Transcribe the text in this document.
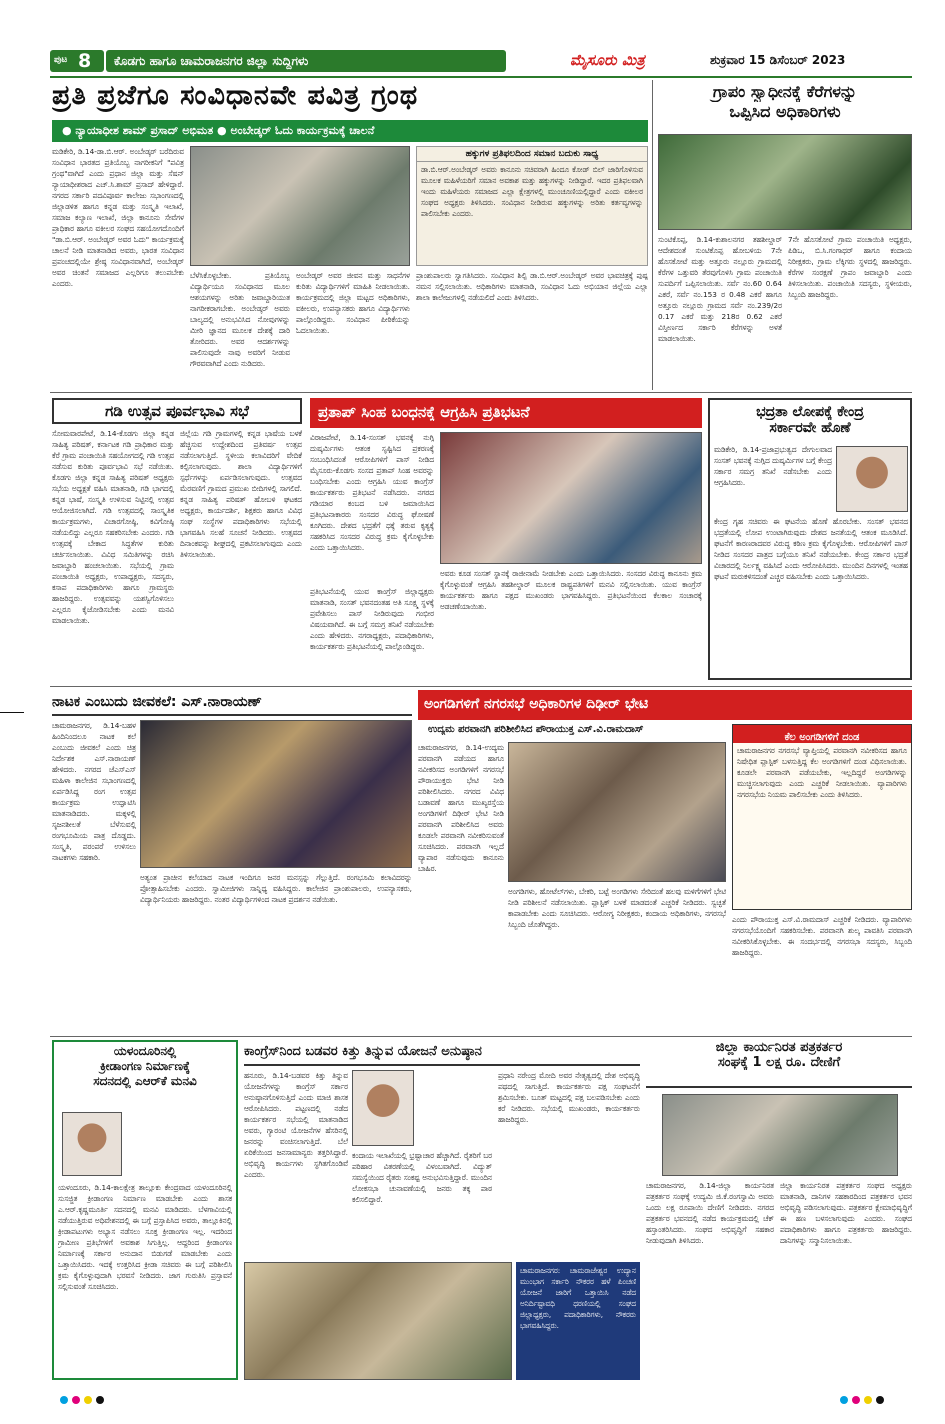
ಪುಟ 8 ಕೊಡಗು ಹಾಗೂ ಚಾಮರಾಜನಗರ ಜಿಲ್ಲಾ ಸುದ್ದಿಗಳು	ಮೈಸೂರು ಮಿತ್ರ	ಶುಕ್ರವಾರ 15 ಡಿಸೆಂಬರ್ 2023
ಪ್ರತಿ ಪ್ರಜೆಗೂ ಸಂವಿಧಾನವೇ ಪವಿತ್ರ ಗ್ರಂಥ
● ನ್ಯಾಯಾಧೀಶ ಶಾಮ್ ಪ್ರಸಾದ್ ಅಭಿಮತ ● ಅಂಬೇಡ್ಕರ್ ಓದು ಕಾರ್ಯಕ್ರಮಕ್ಕೆ ಚಾಲನೆ
ಮಡಿಕೇರಿ, ಡಿ.14-ಡಾ.ಬಿ.ಆರ್. ಅಂಬೇಡ್ಕರ್ ಬರೆದಿರುವ ಸಂವಿಧಾನ ಭಾರತದ ಪ್ರತಿಯೊಬ್ಬ ನಾಗರೀಕನಿಗೆ "ಪವಿತ್ರ ಗ್ರಂಥ"ವಾಗಿದೆ ಎಂದು ಪ್ರಧಾನ ಜಿಲ್ಲಾ ಮತ್ತು ಸೆಷನ್ ನ್ಯಾಯಾಧೀಶರಾದ ಎಚ್.ಸಿ.ಶಾಮ್ ಪ್ರಸಾದ್ ಹೇಳಿದ್ದಾರೆ. ನಗರದ ಸರ್ಕಾರಿ ಪದವಿಪೂರ್ವ ಕಾಲೇಜು ಸಭಾಂಗಣದಲ್ಲಿ ಜಿಲ್ಲಾಡಳಿತ ಹಾಗೂ ಕನ್ನಡ ಮತ್ತು ಸಂಸ್ಕೃತಿ ಇಲಾಖೆ, ಸಮಾಜ ಕಲ್ಯಾಣ ಇಲಾಖೆ, ಜಿಲ್ಲಾ ಕಾನೂನು ಸೇವೆಗಳ ಪ್ರಾಧಿಕಾರ ಹಾಗೂ ವಕೀಲರ ಸಂಘದ ಸಹಯೋಗದೊಂದಿಗೆ "ಡಾ.ಬಿ.ಆರ್. ಅಂಬೇಡ್ಕರ್ ಅವರ ಓದು" ಕಾರ್ಯಕ್ರಮಕ್ಕೆ ಚಾಲನೆ ನೀಡಿ ಮಾತನಾಡಿದ ಅವರು, ಭಾರತ ಸಂವಿಧಾನ ಪ್ರಪಂಚದಲ್ಲಿಯೇ ಶ್ರೇಷ್ಠ ಸಂವಿಧಾನವಾಗಿದೆ, ಅಂಬೇಡ್ಕರ್ ಅವರ ಚಿಂತನೆ ಸಮಾಜದ ಎಲ್ಲರಿಗೂ ತಲುಪಬೇಕು ಎಂದರು.
ಹಕ್ಕುಗಳ ಪ್ರತಿಫಲದಿಂದ ಸಮಾನ ಬದುಕು ಸಾಧ್ಯ
ಡಾ.ಬಿ.ಆರ್.ಅಂಬೇಡ್ಕರ್ ಅವರು ಕಾನೂನು ಸಚಿವರಾಗಿ ಹಿಂದೂ ಕೋಡ್ ಬಿಲ್ ಜಾರಿಗೊಳಿಸುವ ಮೂಲಕ ಮಹಿಳೆಯರಿಗೆ ಸಮಾನ ಅವಕಾಶ ಮತ್ತು ಹಕ್ಕುಗಳನ್ನು ನೀಡಿದ್ದಾರೆ. ಇದರ ಪ್ರತಿಫಲವಾಗಿ ಇಂದು ಮಹಿಳೆಯರು ಸಮಾಜದ ಎಲ್ಲಾ ಕ್ಷೇತ್ರಗಳಲ್ಲಿ ಮುಂಚೂಣಿಯಲ್ಲಿದ್ದಾರೆ ಎಂದು ವಕೀಲರ ಸಂಘದ ಅಧ್ಯಕ್ಷರು ತಿಳಿಸಿದರು. ಸಂವಿಧಾನ ನೀಡಿರುವ ಹಕ್ಕುಗಳನ್ನು ಅರಿತು ಕರ್ತವ್ಯಗಳನ್ನು ಪಾಲಿಸಬೇಕು ಎಂದರು.
ಬೆಳೆಸಿಕೊಳ್ಳಬೇಕು. ಪ್ರತಿಯೊಬ್ಬ ವಿದ್ಯಾರ್ಥಿಯೂ ಸಂವಿಧಾನದ ಮೂಲ ಆಶಯಗಳನ್ನು ಅರಿತು ಜವಾಬ್ದಾರಿಯುತ ನಾಗರೀಕರಾಗಬೇಕು. ಅಂಬೇಡ್ಕರ್ ಅವರು ಬಾಲ್ಯದಲ್ಲಿ ಅನುಭವಿಸಿದ ನೋವುಗಳನ್ನು ಮೀರಿ ಜ್ಞಾನದ ಮೂಲಕ ದೇಶಕ್ಕೆ ದಾರಿ ತೋರಿದರು. ಅವರ ಆದರ್ಶಗಳನ್ನು ಪಾಲಿಸುವುದೇ ನಾವು ಅವರಿಗೆ ನೀಡುವ ಗೌರವವಾಗಿದೆ ಎಂದು ನುಡಿದರು.
ಅಂಬೇಡ್ಕರ್ ಅವರ ಜೀವನ ಮತ್ತು ಸಾಧನೆಗಳ ಕುರಿತು ವಿದ್ಯಾರ್ಥಿಗಳಿಗೆ ಮಾಹಿತಿ ನೀಡಲಾಯಿತು. ಕಾರ್ಯಕ್ರಮದಲ್ಲಿ ಜಿಲ್ಲಾ ಮಟ್ಟದ ಅಧಿಕಾರಿಗಳು, ವಕೀಲರು, ಉಪನ್ಯಾಸಕರು ಹಾಗೂ ವಿದ್ಯಾರ್ಥಿಗಳು ಪಾಲ್ಗೊಂಡಿದ್ದರು. ಸಂವಿಧಾನ ಪೀಠಿಕೆಯನ್ನು ಓದಲಾಯಿತು.
ಪ್ರಾಂಶುಪಾಲರು ಸ್ವಾಗತಿಸಿದರು. ಸಂವಿಧಾನ ಶಿಲ್ಪಿ ಡಾ.ಬಿ.ಆರ್.ಅಂಬೇಡ್ಕರ್ ಅವರ ಭಾವಚಿತ್ರಕ್ಕೆ ಪುಷ್ಪ ನಮನ ಸಲ್ಲಿಸಲಾಯಿತು. ಅಧಿಕಾರಿಗಳು ಮಾತನಾಡಿ, ಸಂವಿಧಾನ ಓದು ಅಭಿಯಾನ ಜಿಲ್ಲೆಯ ಎಲ್ಲಾ ಶಾಲಾ ಕಾಲೇಜುಗಳಲ್ಲಿ ನಡೆಯಲಿದೆ ಎಂದು ತಿಳಿಸಿದರು.
ಗ್ರಾಪಂ ಸ್ವಾಧೀನಕ್ಕೆ ಕೆರೆಗಳನ್ನು
ಒಪ್ಪಿಸಿದ ಅಧಿಕಾರಿಗಳು
ಸುಂಟಿಕೊಪ್ಪ, ಡಿ.14-ಕುಶಾಲನಗರ ತಹಶೀಲ್ದಾರ್ ಆದೇಶದಂತೆ ಸುಂಟಿಕೊಪ್ಪ ಹೋಬಳಿಯ 7ನೇ ಹೊಸಕೋಟೆ ಮತ್ತು ಅತ್ತೂರು ನಲ್ಲೂರು ಗ್ರಾಮದಲ್ಲಿ ಕೆರೆಗಳ ಒತ್ತುವರಿ ತೆರವುಗೊಳಿಸಿ ಗ್ರಾಮ ಪಂಚಾಯಿತಿ ಸುಪರ್ದಿಗೆ ಒಪ್ಪಿಸಲಾಯಿತು. ಸರ್ವೆ ನಂ.60 0.64 ಎಕರೆ, ಸರ್ವೆ ನಂ.153 ರ 0.48 ಎಕರೆ ಹಾಗೂ ಅತ್ತೂರು ನಲ್ಲೂರು ಗ್ರಾಮದ ಸರ್ವೆ ನಂ.239/2ರ 0.17 ಎಕರೆ ಮತ್ತು 218ರ 0.62 ಎಕರೆ ವಿಸ್ತೀರ್ಣದ ಸರ್ಕಾರಿ ಕೆರೆಗಳನ್ನು ಅಳತೆ ಮಾಡಲಾಯಿತು.
7ನೇ ಹೊಸಕೋಟೆ ಗ್ರಾಮ ಪಂಚಾಯಿತಿ ಅಧ್ಯಕ್ಷರು, ಪಿಡಿಒ, ಬಿ.ಸಿ.ಗಂಗಾಧರ್ ಹಾಗೂ ಕಂದಾಯ ನಿರೀಕ್ಷಕರು, ಗ್ರಾಮ ಲೆಕ್ಕಿಗರು ಸ್ಥಳದಲ್ಲಿ ಹಾಜರಿದ್ದರು. ಕೆರೆಗಳ ಸಂರಕ್ಷಣೆ ಗ್ರಾಪಂ ಜವಾಬ್ದಾರಿ ಎಂದು ತಿಳಿಸಲಾಯಿತು. ಪಂಚಾಯಿತಿ ಸದಸ್ಯರು, ಸ್ಥಳೀಯರು, ಸಿಬ್ಬಂದಿ ಹಾಜರಿದ್ದರು.
ಗಡಿ ಉತ್ಸವ ಪೂರ್ವಭಾವಿ ಸಭೆ
ಸೋಮವಾರಪೇಟೆ, ಡಿ.14-ಕೊಡಗು ಜಿಲ್ಲಾ ಕನ್ನಡ ಸಾಹಿತ್ಯ ಪರಿಷತ್, ಕರ್ನಾಟಕ ಗಡಿ ಪ್ರಾಧಿಕಾರ ಮತ್ತು ಕೆರೆ ಗ್ರಾಮ ಪಂಚಾಯಿತಿ ಸಹಯೋಗದಲ್ಲಿ ಗಡಿ ಉತ್ಸವ ನಡೆಸುವ ಕುರಿತು ಪೂರ್ವಭಾವಿ ಸಭೆ ನಡೆಯಿತು. ಕೊಡಗು ಜಿಲ್ಲಾ ಕನ್ನಡ ಸಾಹಿತ್ಯ ಪರಿಷತ್ ಅಧ್ಯಕ್ಷರು ಸಭೆಯ ಅಧ್ಯಕ್ಷತೆ ವಹಿಸಿ ಮಾತನಾಡಿ, ಗಡಿ ಭಾಗದಲ್ಲಿ ಕನ್ನಡ ಭಾಷೆ, ಸಂಸ್ಕೃತಿ ಉಳಿಸುವ ನಿಟ್ಟಿನಲ್ಲಿ ಉತ್ಸವ ಆಯೋಜಿಸಲಾಗಿದೆ. ಗಡಿ ಉತ್ಸವದಲ್ಲಿ ಸಾಂಸ್ಕೃತಿಕ ಕಾರ್ಯಕ್ರಮಗಳು, ವಿಚಾರಗೋಷ್ಠಿ, ಕವಿಗೋಷ್ಠಿ ನಡೆಯಲಿದ್ದು ಎಲ್ಲರೂ ಸಹಕರಿಸಬೇಕು ಎಂದರು. ಗಡಿ ಉತ್ಸವಕ್ಕೆ ಬೇಕಾದ ಸಿದ್ಧತೆಗಳ ಕುರಿತು ಚರ್ಚಿಸಲಾಯಿತು. ವಿವಿಧ ಸಮಿತಿಗಳನ್ನು ರಚಿಸಿ ಜವಾಬ್ದಾರಿ ಹಂಚಲಾಯಿತು. ಸಭೆಯಲ್ಲಿ ಗ್ರಾಮ ಪಂಚಾಯಿತಿ ಅಧ್ಯಕ್ಷರು, ಉಪಾಧ್ಯಕ್ಷರು, ಸದಸ್ಯರು, ಕಸಾಪ ಪದಾಧಿಕಾರಿಗಳು ಹಾಗೂ ಗ್ರಾಮಸ್ಥರು ಹಾಜರಿದ್ದರು. ಉತ್ಸವವನ್ನು ಯಶಸ್ವಿಗೊಳಿಸಲು ಎಲ್ಲರೂ ಕೈಜೋಡಿಸಬೇಕು ಎಂದು ಮನವಿ ಮಾಡಲಾಯಿತು.
ಜಿಲ್ಲೆಯ ಗಡಿ ಗ್ರಾಮಗಳಲ್ಲಿ ಕನ್ನಡ ಭಾಷೆಯ ಬಳಕೆ ಹೆಚ್ಚಿಸುವ ಉದ್ದೇಶದಿಂದ ಪ್ರತಿವರ್ಷ ಉತ್ಸವ ನಡೆಸಲಾಗುತ್ತಿದೆ. ಸ್ಥಳೀಯ ಕಲಾವಿದರಿಗೆ ವೇದಿಕೆ ಕಲ್ಪಿಸಲಾಗುವುದು. ಶಾಲಾ ವಿದ್ಯಾರ್ಥಿಗಳಿಗೆ ಸ್ಪರ್ಧೆಗಳನ್ನು ಏರ್ಪಡಿಸಲಾಗುವುದು. ಉತ್ಸವದ ಮೆರವಣಿಗೆ ಗ್ರಾಮದ ಪ್ರಮುಖ ಬೀದಿಗಳಲ್ಲಿ ಸಾಗಲಿದೆ. ಕನ್ನಡ ಸಾಹಿತ್ಯ ಪರಿಷತ್ ಹೋಬಳಿ ಘಟಕದ ಅಧ್ಯಕ್ಷರು, ಕಾರ್ಯದರ್ಶಿ, ಶಿಕ್ಷಕರು ಹಾಗೂ ವಿವಿಧ ಸಂಘ ಸಂಸ್ಥೆಗಳ ಪದಾಧಿಕಾರಿಗಳು ಸಭೆಯಲ್ಲಿ ಭಾಗವಹಿಸಿ ಸಲಹೆ ಸೂಚನೆ ನೀಡಿದರು. ಉತ್ಸವದ ದಿನಾಂಕವನ್ನು ಶೀಘ್ರದಲ್ಲಿ ಪ್ರಕಟಿಸಲಾಗುವುದು ಎಂದು ತಿಳಿಸಲಾಯಿತು.
ಪ್ರತಾಪ್ ಸಿಂಹ ಬಂಧನಕ್ಕೆ ಆಗ್ರಹಿಸಿ ಪ್ರತಿಭಟನೆ
ವಿರಾಜಪೇಟೆ, ಡಿ.14-ಸಂಸತ್ ಭವನಕ್ಕೆ ನುಗ್ಗಿ ದುಷ್ಕರ್ಮಿಗಳು ಆತಂಕ ಸೃಷ್ಟಿಸಿದ ಪ್ರಕರಣಕ್ಕೆ ಸಂಬಂಧಿಸಿದಂತೆ ಆರೋಪಿಗಳಿಗೆ ಪಾಸ್ ನೀಡಿದ ಮೈಸೂರು-ಕೊಡಗು ಸಂಸದ ಪ್ರತಾಪ್ ಸಿಂಹ ಅವರನ್ನು ಬಂಧಿಸಬೇಕು ಎಂದು ಆಗ್ರಹಿಸಿ ಯುವ ಕಾಂಗ್ರೆಸ್ ಕಾರ್ಯಕರ್ತರು ಪ್ರತಿಭಟನೆ ನಡೆಸಿದರು. ನಗರದ ಗಡಿಯಾರ ಕಂಬದ ಬಳಿ ಜಮಾಯಿಸಿದ ಪ್ರತಿಭಟನಾಕಾರರು ಸಂಸದರ ವಿರುದ್ಧ ಘೋಷಣೆ ಕೂಗಿದರು. ದೇಶದ ಭದ್ರತೆಗೆ ಧಕ್ಕೆ ತರುವ ಕೃತ್ಯಕ್ಕೆ ಸಹಕರಿಸಿದ ಸಂಸದರ ವಿರುದ್ಧ ಕ್ರಮ ಕೈಗೊಳ್ಳಬೇಕು ಎಂದು ಒತ್ತಾಯಿಸಿದರು.
ಪ್ರತಿಭಟನೆಯಲ್ಲಿ ಯುವ ಕಾಂಗ್ರೆಸ್ ಜಿಲ್ಲಾಧ್ಯಕ್ಷರು ಮಾತನಾಡಿ, ಸಂಸತ್ ಭವನದಂತಹ ಅತಿ ಸೂಕ್ಷ್ಮ ಸ್ಥಳಕ್ಕೆ ಪ್ರವೇಶಿಸಲು ಪಾಸ್ ನೀಡಿರುವುದು ಗಂಭೀರ ವಿಷಯವಾಗಿದೆ. ಈ ಬಗ್ಗೆ ಸಮಗ್ರ ತನಿಖೆ ನಡೆಯಬೇಕು ಎಂದು ಹೇಳಿದರು. ನಗರಾಧ್ಯಕ್ಷರು, ಪದಾಧಿಕಾರಿಗಳು, ಕಾರ್ಯಕರ್ತರು ಪ್ರತಿಭಟನೆಯಲ್ಲಿ ಪಾಲ್ಗೊಂಡಿದ್ದರು.
ಅವರು ಕೂಡ ಸಂಸತ್ ಸ್ಥಾನಕ್ಕೆ ರಾಜೀನಾಮೆ ನೀಡಬೇಕು ಎಂದು ಒತ್ತಾಯಿಸಿದರು. ಸಂಸದರ ವಿರುದ್ಧ ಕಾನೂನು ಕ್ರಮ ಕೈಗೊಳ್ಳುವಂತೆ ಆಗ್ರಹಿಸಿ ತಹಶೀಲ್ದಾರ್ ಮೂಲಕ ರಾಷ್ಟ್ರಪತಿಗಳಿಗೆ ಮನವಿ ಸಲ್ಲಿಸಲಾಯಿತು. ಯುವ ಕಾಂಗ್ರೆಸ್ ಕಾರ್ಯಕರ್ತರು ಹಾಗೂ ಪಕ್ಷದ ಮುಖಂಡರು ಭಾಗವಹಿಸಿದ್ದರು. ಪ್ರತಿಭಟನೆಯಿಂದ ಕೆಲಕಾಲ ಸಂಚಾರಕ್ಕೆ ಅಡಚಣೆಯಾಯಿತು.
ಭದ್ರತಾ ಲೋಪಕ್ಕೆ ಕೇಂದ್ರ
ಸರ್ಕಾರವೇ ಹೊಣೆ
ಮಡಿಕೇರಿ, ಡಿ.14-ಪ್ರಜಾಪ್ರಭುತ್ವದ ದೇಗುಲವಾದ ಸಂಸತ್ ಭವನಕ್ಕೆ ನುಗ್ಗಿದ ದುಷ್ಕರ್ಮಿಗಳ ಬಗ್ಗೆ ಕೇಂದ್ರ ಸರ್ಕಾರ ಸಮಗ್ರ ತನಿಖೆ ನಡೆಸಬೇಕು ಎಂದು ಆಗ್ರಹಿಸಿದರು.
ಕೇಂದ್ರ ಗೃಹ ಸಚಿವರು ಈ ಘಟನೆಯ ಹೊಣೆ ಹೊರಬೇಕು. ಸಂಸತ್ ಭವನದ ಭದ್ರತೆಯಲ್ಲಿ ಲೋಪ ಉಂಟಾಗಿರುವುದು ದೇಶದ ಜನತೆಯಲ್ಲಿ ಆತಂಕ ಮೂಡಿಸಿದೆ. ಘಟನೆಗೆ ಕಾರಣರಾದವರ ವಿರುದ್ಧ ಕಠಿಣ ಕ್ರಮ ಕೈಗೊಳ್ಳಬೇಕು. ಆರೋಪಿಗಳಿಗೆ ಪಾಸ್ ನೀಡಿದ ಸಂಸದರ ಪಾತ್ರದ ಬಗ್ಗೆಯೂ ತನಿಖೆ ನಡೆಯಬೇಕು. ಕೇಂದ್ರ ಸರ್ಕಾರ ಭದ್ರತೆ ವಿಚಾರದಲ್ಲಿ ನಿರ್ಲಕ್ಷ್ಯ ವಹಿಸಿದೆ ಎಂದು ಆರೋಪಿಸಿದರು. ಮುಂದಿನ ದಿನಗಳಲ್ಲಿ ಇಂತಹ ಘಟನೆ ಮರುಕಳಿಸದಂತೆ ಎಚ್ಚರ ವಹಿಸಬೇಕು ಎಂದು ಒತ್ತಾಯಿಸಿದರು.
ನಾಟಕ ಎಂಬುದು ಜೀವಕಲೆ: ಎಸ್.ನಾರಾಯಣ್
ಚಾಮರಾಜನಗರ, ಡಿ.14-ಬಹಳ ಹಿಂದಿನಿಂದಲೂ ನಾಟಕ ಕಲೆ ಎಂಬುದು ಜೀವಕಲೆ ಎಂದು ಚಿತ್ರ ನಿರ್ದೇಶಕ ಎಸ್.ನಾರಾಯಣ್ ಹೇಳಿದರು. ನಗರದ ಜೆಎಸ್ಎಸ್ ಮಹಿಳಾ ಕಾಲೇಜಿನ ಸಭಾಂಗಣದಲ್ಲಿ ಏರ್ಪಡಿಸಿದ್ದ ರಂಗ ಉತ್ಸವ ಕಾರ್ಯಕ್ರಮ ಉದ್ಘಾಟಿಸಿ ಮಾತನಾಡಿದರು. ಮಕ್ಕಳಲ್ಲಿ ಸೃಜನಶೀಲತೆ ಬೆಳೆಸುವಲ್ಲಿ ರಂಗಭೂಮಿಯ ಪಾತ್ರ ದೊಡ್ಡದು. ಸಂಸ್ಕೃತಿ, ಪರಂಪರೆ ಉಳಿಸಲು ನಾಟಕಗಳು ಸಹಕಾರಿ.
ಅತ್ಯಂತ ಪ್ರಾಚೀನ ಕಲೆಯಾದ ನಾಟಕ ಇಂದಿಗೂ ಜನರ ಮನಸ್ಸನ್ನು ಗೆಲ್ಲುತ್ತಿದೆ. ರಂಗಭೂಮಿ ಕಲಾವಿದರನ್ನು ಪ್ರೋತ್ಸಾಹಿಸಬೇಕು ಎಂದರು. ಸ್ವಾಮೀಜಿಗಳು ಸಾನ್ನಿಧ್ಯ ವಹಿಸಿದ್ದರು. ಕಾಲೇಜಿನ ಪ್ರಾಂಶುಪಾಲರು, ಉಪನ್ಯಾಸಕರು, ವಿದ್ಯಾರ್ಥಿನಿಯರು ಹಾಜರಿದ್ದರು. ನಂತರ ವಿದ್ಯಾರ್ಥಿಗಳಿಂದ ನಾಟಕ ಪ್ರದರ್ಶನ ನಡೆಯಿತು.
ಅಂಗಡಿಗಳಿಗೆ ನಗರಸಭೆ ಅಧಿಕಾರಿಗಳ ದಿಢೀರ್ ಭೇಟಿ
ಉದ್ಯಮ ಪರವಾನಗಿ ಪರಿಶೀಲಿಸಿದ ಪೌರಾಯುಕ್ತ ಎಸ್.ವಿ.ರಾಮದಾಸ್
ಚಾಮರಾಜನಗರ, ಡಿ.14-ಉದ್ಯಮ ಪರವಾನಗಿ ಪಡೆಯದ ಹಾಗೂ ನವೀಕರಿಸದ ಅಂಗಡಿಗಳಿಗೆ ನಗರಸಭೆ ಪೌರಾಯುಕ್ತರು ಭೇಟಿ ನೀಡಿ ಪರಿಶೀಲಿಸಿದರು. ನಗರದ ವಿವಿಧ ಬಡಾವಣೆ ಹಾಗೂ ಮುಖ್ಯರಸ್ತೆಯ ಅಂಗಡಿಗಳಿಗೆ ದಿಢೀರ್ ಭೇಟಿ ನೀಡಿ ಪರವಾನಗಿ ಪರಿಶೀಲಿಸಿದ ಅವರು ಕೂಡಲೇ ಪರವಾನಗಿ ನವೀಕರಿಸುವಂತೆ ಸೂಚಿಸಿದರು. ಪರವಾನಗಿ ಇಲ್ಲದೆ ವ್ಯಾಪಾರ ನಡೆಸುವುದು ಕಾನೂನು ಬಾಹಿರ.
ಅಂಗಡಿಗಳು, ಹೋಟೆಲ್‌ಗಳು, ಬೇಕರಿ, ಬಟ್ಟೆ ಅಂಗಡಿಗಳು ಸೇರಿದಂತೆ ಹಲವು ಮಳಿಗೆಗಳಿಗೆ ಭೇಟಿ ನೀಡಿ ಪರಿಶೀಲನೆ ನಡೆಸಲಾಯಿತು. ಪ್ಲಾಸ್ಟಿಕ್ ಬಳಕೆ ಮಾಡದಂತೆ ಎಚ್ಚರಿಕೆ ನೀಡಿದರು. ಸ್ವಚ್ಛತೆ ಕಾಪಾಡಬೇಕು ಎಂದು ಸೂಚಿಸಿದರು. ಆರೋಗ್ಯ ನಿರೀಕ್ಷಕರು, ಕಂದಾಯ ಅಧಿಕಾರಿಗಳು, ನಗರಸಭೆ ಸಿಬ್ಬಂದಿ ಜೊತೆಗಿದ್ದರು.
ಕೆಲ ಅಂಗಡಿಗಳಿಗೆ ದಂಡ
ಚಾಮರಾಜನಗರ ನಗರಸಭೆ ವ್ಯಾಪ್ತಿಯಲ್ಲಿ ಪರವಾನಗಿ ನವೀಕರಿಸದ ಹಾಗೂ ನಿಷೇಧಿತ ಪ್ಲಾಸ್ಟಿಕ್ ಬಳಸುತ್ತಿದ್ದ ಕೆಲ ಅಂಗಡಿಗಳಿಗೆ ದಂಡ ವಿಧಿಸಲಾಯಿತು. ಕೂಡಲೇ ಪರವಾನಗಿ ಪಡೆಯಬೇಕು, ಇಲ್ಲದಿದ್ದರೆ ಅಂಗಡಿಗಳನ್ನು ಮುಚ್ಚಿಸಲಾಗುವುದು ಎಂದು ಎಚ್ಚರಿಕೆ ನೀಡಲಾಯಿತು. ವ್ಯಾಪಾರಿಗಳು ನಗರಸಭೆಯ ನಿಯಮ ಪಾಲಿಸಬೇಕು ಎಂದು ತಿಳಿಸಿದರು.
ಎಂದು ಪೌರಾಯುಕ್ತ ಎಸ್.ವಿ.ರಾಮದಾಸ್ ಎಚ್ಚರಿಕೆ ನೀಡಿದರು. ವ್ಯಾಪಾರಿಗಳು ನಗರಸಭೆಯೊಂದಿಗೆ ಸಹಕರಿಸಬೇಕು. ಪರವಾನಗಿ ಶುಲ್ಕ ಪಾವತಿಸಿ ಪರವಾನಗಿ ನವೀಕರಿಸಿಕೊಳ್ಳಬೇಕು. ಈ ಸಂದರ್ಭದಲ್ಲಿ ನಗರಸಭಾ ಸದಸ್ಯರು, ಸಿಬ್ಬಂದಿ ಹಾಜರಿದ್ದರು.
ಯಳಂದೂರಿನಲ್ಲಿ
ಕ್ರೀಡಾಂಗಣ ನಿರ್ಮಾಣಕ್ಕೆ
ಸದನದಲ್ಲಿ ಎಆರ್‌ಕೆ ಮನವಿ
ಯಳಂದೂರು, ಡಿ.14-ಕಾಲಕ್ಷೇತ್ರ ತಾಲ್ಲೂಕು ಕೇಂದ್ರವಾದ ಯಳಂದೂರಿನಲ್ಲಿ ಸುಸಜ್ಜಿತ ಕ್ರೀಡಾಂಗಣ ನಿರ್ಮಾಣ ಮಾಡಬೇಕು ಎಂದು ಶಾಸಕ ಎ.ಆರ್.ಕೃಷ್ಣಮೂರ್ತಿ ಸದನದಲ್ಲಿ ಮನವಿ ಮಾಡಿದರು. ಬೆಳಗಾವಿಯಲ್ಲಿ ನಡೆಯುತ್ತಿರುವ ಅಧಿವೇಶನದಲ್ಲಿ ಈ ಬಗ್ಗೆ ಪ್ರಸ್ತಾಪಿಸಿದ ಅವರು, ತಾಲ್ಲೂಕಿನಲ್ಲಿ ಕ್ರೀಡಾಪಟುಗಳು ಅಭ್ಯಾಸ ನಡೆಸಲು ಸೂಕ್ತ ಕ್ರೀಡಾಂಗಣ ಇಲ್ಲ. ಇದರಿಂದ ಗ್ರಾಮೀಣ ಪ್ರತಿಭೆಗಳಿಗೆ ಅವಕಾಶ ಸಿಗುತ್ತಿಲ್ಲ. ಆದ್ದರಿಂದ ಕ್ರೀಡಾಂಗಣ ನಿರ್ಮಾಣಕ್ಕೆ ಸರ್ಕಾರ ಅನುದಾನ ಬಿಡುಗಡೆ ಮಾಡಬೇಕು ಎಂದು ಒತ್ತಾಯಿಸಿದರು. ಇದಕ್ಕೆ ಉತ್ತರಿಸಿದ ಕ್ರೀಡಾ ಸಚಿವರು ಈ ಬಗ್ಗೆ ಪರಿಶೀಲಿಸಿ ಕ್ರಮ ಕೈಗೊಳ್ಳುವುದಾಗಿ ಭರವಸೆ ನೀಡಿದರು. ಜಾಗ ಗುರುತಿಸಿ ಪ್ರಸ್ತಾವನೆ ಸಲ್ಲಿಸುವಂತೆ ಸೂಚಿಸಿದರು.
ಕಾಂಗ್ರೆಸ್‌ನಿಂದ ಬಡವರ ಕಿತ್ತು ತಿನ್ನುವ ಯೋಜನೆ ಅನುಷ್ಠಾನ
ಹನೂರು, ಡಿ.14-ಬಡವರ ಕಿತ್ತು ತಿನ್ನುವ ಯೋಜನೆಗಳನ್ನು ಕಾಂಗ್ರೆಸ್ ಸರ್ಕಾರ ಅನುಷ್ಠಾನಗೊಳಿಸುತ್ತಿದೆ ಎಂದು ಮಾಜಿ ಶಾಸಕ ಆರೋಪಿಸಿದರು. ಪಟ್ಟಣದಲ್ಲಿ ನಡೆದ ಕಾರ್ಯಕರ್ತರ ಸಭೆಯಲ್ಲಿ ಮಾತನಾಡಿದ ಅವರು, ಗ್ಯಾರಂಟಿ ಯೋಜನೆಗಳ ಹೆಸರಿನಲ್ಲಿ ಜನರನ್ನು ವಂಚಿಸಲಾಗುತ್ತಿದೆ. ಬೆಲೆ ಏರಿಕೆಯಿಂದ ಜನಸಾಮಾನ್ಯರು ತತ್ತರಿಸಿದ್ದಾರೆ. ಅಭಿವೃದ್ಧಿ ಕಾರ್ಯಗಳು ಸ್ಥಗಿತಗೊಂಡಿವೆ ಎಂದರು.
ಕಂದಾಯ ಇಲಾಖೆಯಲ್ಲಿ ಭ್ರಷ್ಟಾಚಾರ ಹೆಚ್ಚಾಗಿದೆ. ರೈತರಿಗೆ ಬರ ಪರಿಹಾರ ವಿತರಣೆಯಲ್ಲಿ ವಿಳಂಬವಾಗಿದೆ. ವಿದ್ಯುತ್ ಸಮಸ್ಯೆಯಿಂದ ರೈತರು ಸಂಕಷ್ಟ ಅನುಭವಿಸುತ್ತಿದ್ದಾರೆ. ಮುಂದಿನ ಲೋಕಸಭಾ ಚುನಾವಣೆಯಲ್ಲಿ ಜನರು ತಕ್ಕ ಪಾಠ ಕಲಿಸಲಿದ್ದಾರೆ.
ಪ್ರಧಾನಿ ನರೇಂದ್ರ ಮೋದಿ ಅವರ ನೇತೃತ್ವದಲ್ಲಿ ದೇಶ ಅಭಿವೃದ್ಧಿ ಪಥದಲ್ಲಿ ಸಾಗುತ್ತಿದೆ. ಕಾರ್ಯಕರ್ತರು ಪಕ್ಷ ಸಂಘಟನೆಗೆ ಶ್ರಮಿಸಬೇಕು. ಬೂತ್ ಮಟ್ಟದಲ್ಲಿ ಪಕ್ಷ ಬಲಪಡಿಸಬೇಕು ಎಂದು ಕರೆ ನೀಡಿದರು. ಸಭೆಯಲ್ಲಿ ಮುಖಂಡರು, ಕಾರ್ಯಕರ್ತರು ಹಾಜರಿದ್ದರು.
ಚಾಮರಾಜನಗರ: ಚಾಮರಾಜೇಶ್ವರ ಉದ್ಯಾನ ಮುಂಭಾಗ ಸರ್ಕಾರಿ ನೌಕರರ ಹಳೆ ಪಿಂಚಣಿ ಯೋಜನೆ ಜಾರಿಗೆ ಒತ್ತಾಯಿಸಿ ನಡೆದ ಅನಿರ್ದಿಷ್ಟಾವಧಿ ಧರಣಿಯಲ್ಲಿ ಸಂಘದ ಜಿಲ್ಲಾಧ್ಯಕ್ಷರು, ಪದಾಧಿಕಾರಿಗಳು, ನೌಕರರು ಭಾಗವಹಿಸಿದ್ದರು.
ಜಿಲ್ಲಾ ಕಾರ್ಯನಿರತ ಪತ್ರಕರ್ತರ
ಸಂಘಕ್ಕೆ 1 ಲಕ್ಷ ರೂ. ದೇಣಿಗೆ
ಚಾಮರಾಜನಗರ, ಡಿ.14-ಜಿಲ್ಲಾ ಕಾರ್ಯನಿರತ ಪತ್ರಕರ್ತರ ಸಂಘಕ್ಕೆ ಉದ್ಯಮಿ ಜಿ.ಕೆ.ರಂಗಸ್ವಾಮಿ ಅವರು ಒಂದು ಲಕ್ಷ ರೂಪಾಯಿ ದೇಣಿಗೆ ನೀಡಿದರು. ನಗರದ ಪತ್ರಕರ್ತರ ಭವನದಲ್ಲಿ ನಡೆದ ಕಾರ್ಯಕ್ರಮದಲ್ಲಿ ಚೆಕ್ ಹಸ್ತಾಂತರಿಸಿದರು. ಸಂಘದ ಅಭಿವೃದ್ಧಿಗೆ ಸಹಕಾರ ನೀಡುವುದಾಗಿ ತಿಳಿಸಿದರು.
ಜಿಲ್ಲಾ ಕಾರ್ಯನಿರತ ಪತ್ರಕರ್ತರ ಸಂಘದ ಅಧ್ಯಕ್ಷರು ಮಾತನಾಡಿ, ದಾನಿಗಳ ಸಹಕಾರದಿಂದ ಪತ್ರಕರ್ತರ ಭವನ ಅಭಿವೃದ್ಧಿ ಪಡಿಸಲಾಗುವುದು. ಪತ್ರಕರ್ತರ ಕ್ಷೇಮಾಭಿವೃದ್ಧಿಗೆ ಈ ಹಣ ಬಳಸಲಾಗುವುದು ಎಂದರು. ಸಂಘದ ಪದಾಧಿಕಾರಿಗಳು ಹಾಗೂ ಪತ್ರಕರ್ತರು ಹಾಜರಿದ್ದರು. ದಾನಿಗಳನ್ನು ಸನ್ಮಾನಿಸಲಾಯಿತು.
